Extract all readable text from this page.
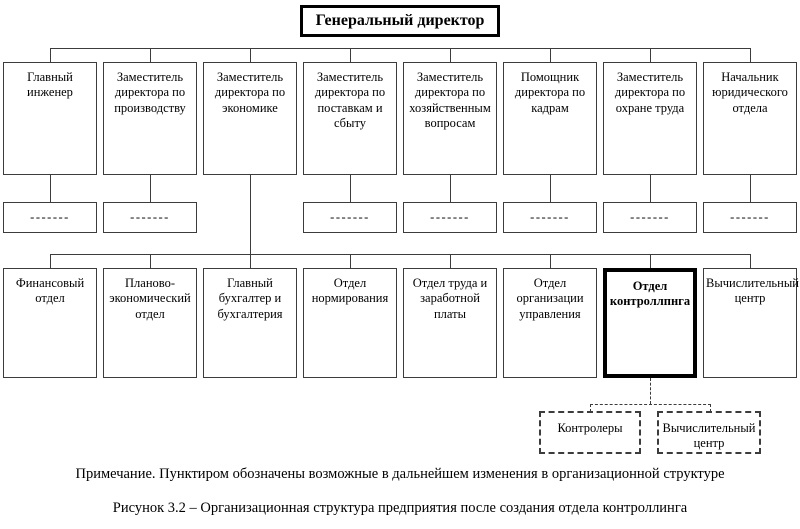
Генеральный директор
Главный инженер
Заместитель директора по производству
Заместитель директора по экономике
Заместитель директора по поставкам и сбыту
Заместитель директора по хозяйственным вопросам
Помощник директора по кадрам
Заместитель директора по охране труда
Начальник юридического отдела
-------	-------	-------	-------	-------	-------	-------
Финансовый отдел
Планово-экономический отдел
Главный бухгалтер и бухгалтерия
Отдел нормирования
Отдел труда и заработной платы
Отдел организации управления
Отдел контроллпнга
Вычислительный центр
Контролеры	Вычислительный центр
Примечание. Пунктиром обозначены возможные в дальнейшем изменения в организационной структуре
Рисунок 3.2 – Организационная структура предприятия после создания отдела контроллинга
